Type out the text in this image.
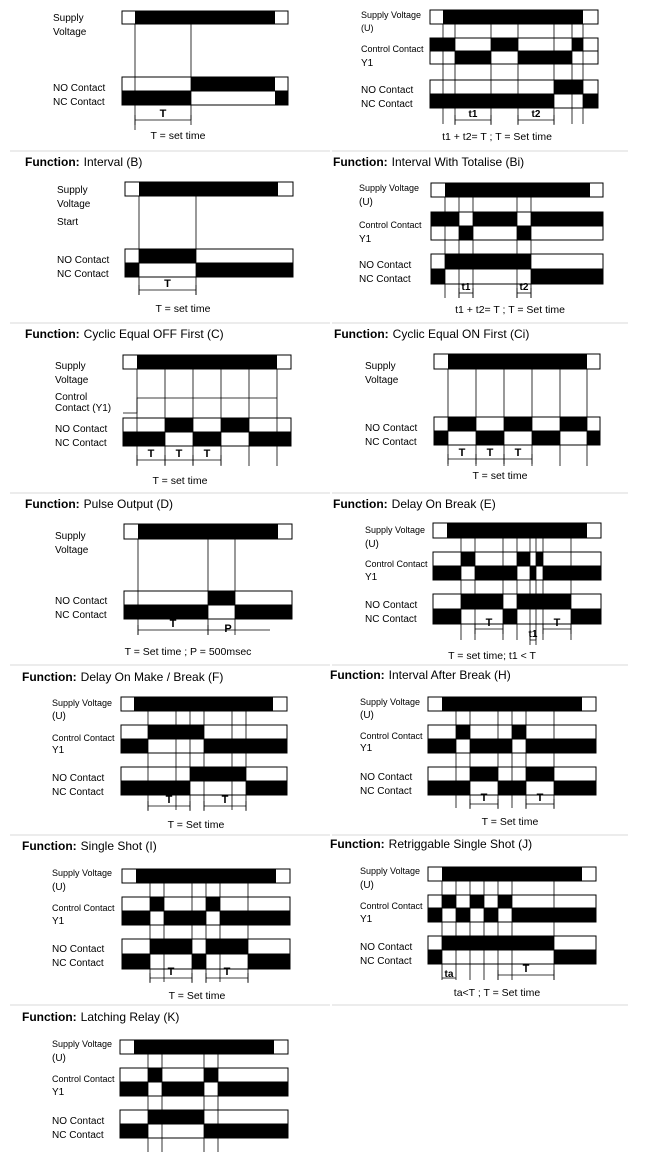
Supply
Voltage
NO Contact
NC Contact
T
T = set time
Supply Voltage
(U)
Control Contact
Y1
NO Contact
NC Contact
t1	t2
t1 + t2= T ; T = Set time
Function: Interval (B)
Supply
Voltage
Start
NO Contact
NC Contact
T
T = set time
Function: Interval With Totalise (Bi)
Supply Voltage
(U)
Control Contact
Y1
NO Contact
NC Contact
t1	t2
t1 + t2= T ; T = Set time
Function: Cyclic Equal OFF First (C)
Supply
Voltage
Control
Contact (Y1)
NO Contact
NC Contact
T T T
T = set time
Function: Cyclic Equal ON First (Ci)
Supply
Voltage
NO Contact
NC Contact
T T T
T = set time
Function: Pulse Output (D)
Supply
Voltage
NO Contact
NC Contact
T	P
T = Set time ; P = 500msec
Function: Delay On Break (E)
Supply Voltage
(U)
Control Contact
Y1
NO Contact
NC Contact	T
t1
T
T = set time; t1 < T
Function: Delay On Make / Break (F)
Supply Voltage
(U)
Control Contact
Y1
NO Contact
NC Contact
T	T
T = Set time
Function: Interval After Break (H)
Supply Voltage
(U)
Control Contact
Y1
NO Contact
NC Contact
T	T
T = Set time
Function: Single Shot (I)
Supply Voltage
(U)
Control Contact
Y1
NO Contact
NC Contact
T	T
T = Set time
Function: Retriggable Single Shot (J)
Supply Voltage
(U)
Control Contact
Y1
NO Contact
NC Contact
ta	T
ta<T ; T = Set time
Function: Latching Relay (K)
Supply Voltage
(U)
Control Contact
Y1
NO Contact
NC Contact
